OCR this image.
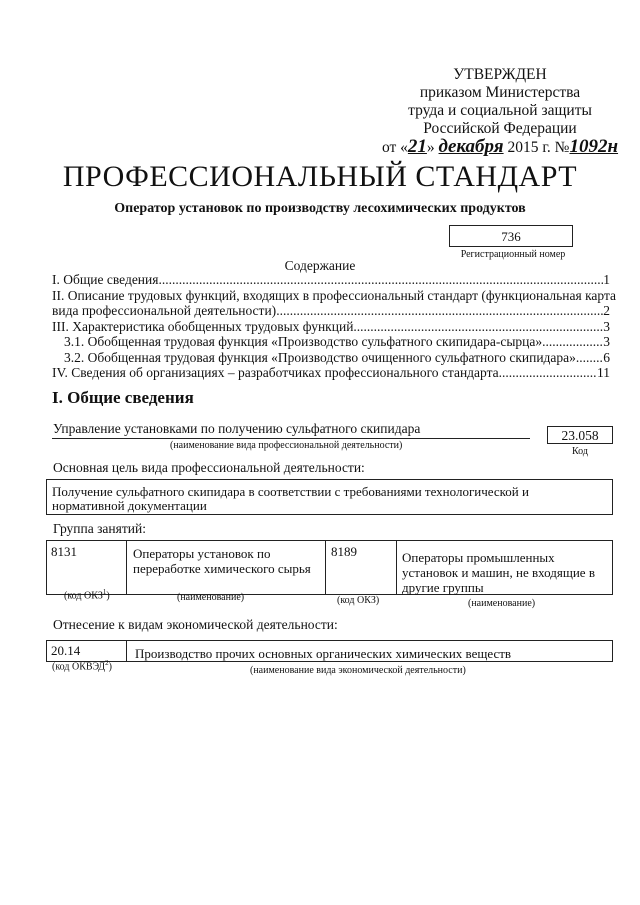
УТВЕРЖДЕН
приказом Министерства
труда и социальной защиты
Российской Федерации
от «21» декабря 2015 г. №1092н
ПРОФЕССИОНАЛЬНЫЙ СТАНДАРТ
Оператор установок по производству лесохимических продуктов
736
Регистрационный номер
Содержание
I. Общие сведения .....	1
II. Описание трудовых функций, входящих в профессиональный стандарт (функциональная карта
вида профессиональной деятельности) .....	2
III. Характеристика обобщенных трудовых функций .....	3
3.1. Обобщенная трудовая функция «Производство сульфатного скипидара-сырца» .....	3
3.2. Обобщенная трудовая функция «Производство очищенного сульфатного скипидара» ..... 6
IV. Сведения об организациях – разработчиках профессионального стандарта .....	11
I. Общие сведения
Управление установками по получению сульфатного скипидара
(наименование вида профессиональной деятельности)
23.058
Код
Основная цель вида профессиональной деятельности:
Получение сульфатного скипидара в соответствии с требованиями технологической и
нормативной документации
Группа занятий:
8131	Операторы установок по
переработке химического сырья
8189	Операторы промышленных
установок и машин, не входящие в
другие группы
(код ОКЗ$^1$)	(наименование)	(код ОКЗ)	(наименование)
Отнесение к видам экономической деятельности:
20.14	Производство прочих основных органических химических веществ
(код ОКВЭД$^2$)	(наименование вида экономической деятельности)
